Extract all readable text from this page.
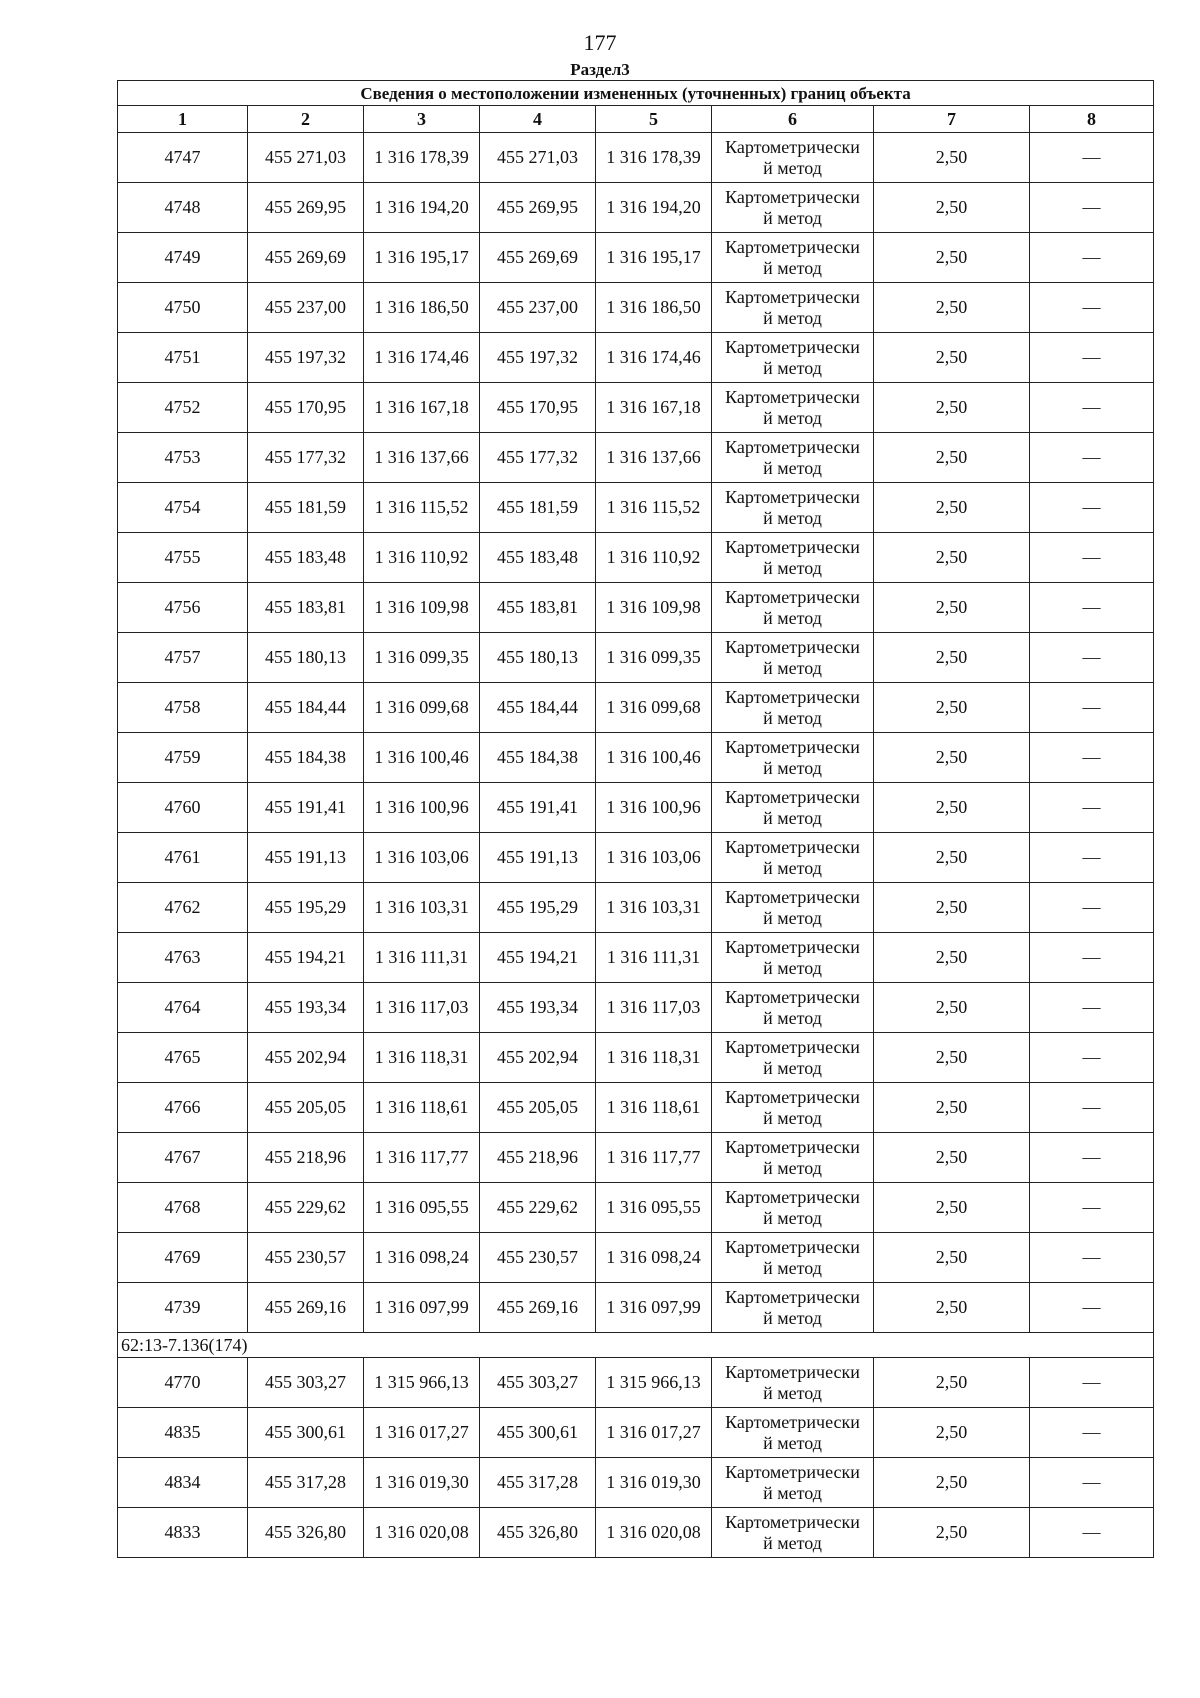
177
Раздел3
Сведения о местоположении измененных (уточненных) границ объекта							
1	2	3	4	5	6	7	8
4747	455 271,03	1 316 178,39	455 271,03	1 316 178,39	Картометрически
й метод	2,50	—
4748	455 269,95	1 316 194,20	455 269,95	1 316 194,20	Картометрически
й метод	2,50	—
4749	455 269,69	1 316 195,17	455 269,69	1 316 195,17	Картометрически
й метод	2,50	—
4750	455 237,00	1 316 186,50	455 237,00	1 316 186,50	Картометрически
й метод	2,50	—
4751	455 197,32	1 316 174,46	455 197,32	1 316 174,46	Картометрически
й метод	2,50	—
4752	455 170,95	1 316 167,18	455 170,95	1 316 167,18	Картометрически
й метод	2,50	—
4753	455 177,32	1 316 137,66	455 177,32	1 316 137,66	Картометрически
й метод	2,50	—
4754	455 181,59	1 316 115,52	455 181,59	1 316 115,52	Картометрически
й метод	2,50	—
4755	455 183,48	1 316 110,92	455 183,48	1 316 110,92	Картометрически
й метод	2,50	—
4756	455 183,81	1 316 109,98	455 183,81	1 316 109,98	Картометрически
й метод	2,50	—
4757	455 180,13	1 316 099,35	455 180,13	1 316 099,35	Картометрически
й метод	2,50	—
4758	455 184,44	1 316 099,68	455 184,44	1 316 099,68	Картометрически
й метод	2,50	—
4759	455 184,38	1 316 100,46	455 184,38	1 316 100,46	Картометрически
й метод	2,50	—
4760	455 191,41	1 316 100,96	455 191,41	1 316 100,96	Картометрически
й метод	2,50	—
4761	455 191,13	1 316 103,06	455 191,13	1 316 103,06	Картометрически
й метод	2,50	—
4762	455 195,29	1 316 103,31	455 195,29	1 316 103,31	Картометрически
й метод	2,50	—
4763	455 194,21	1 316 111,31	455 194,21	1 316 111,31	Картометрически
й метод	2,50	—
4764	455 193,34	1 316 117,03	455 193,34	1 316 117,03	Картометрически
й метод	2,50	—
4765	455 202,94	1 316 118,31	455 202,94	1 316 118,31	Картометрически
й метод	2,50	—
4766	455 205,05	1 316 118,61	455 205,05	1 316 118,61	Картометрически
й метод	2,50	—
4767	455 218,96	1 316 117,77	455 218,96	1 316 117,77	Картометрически
й метод	2,50	—
4768	455 229,62	1 316 095,55	455 229,62	1 316 095,55	Картометрически
й метод	2,50	—
4769	455 230,57	1 316 098,24	455 230,57	1 316 098,24	Картометрически
й метод	2,50	—
4739	455 269,16	1 316 097,99	455 269,16	1 316 097,99	Картометрически
й метод	2,50	—
62:13-7.136(174)							
4770	455 303,27	1 315 966,13	455 303,27	1 315 966,13	Картометрически
й метод	2,50	—
4835	455 300,61	1 316 017,27	455 300,61	1 316 017,27	Картометрически
й метод	2,50	—
4834	455 317,28	1 316 019,30	455 317,28	1 316 019,30	Картометрически
й метод	2,50	—
4833	455 326,80	1 316 020,08	455 326,80	1 316 020,08	Картометрически
й метод	2,50	—
